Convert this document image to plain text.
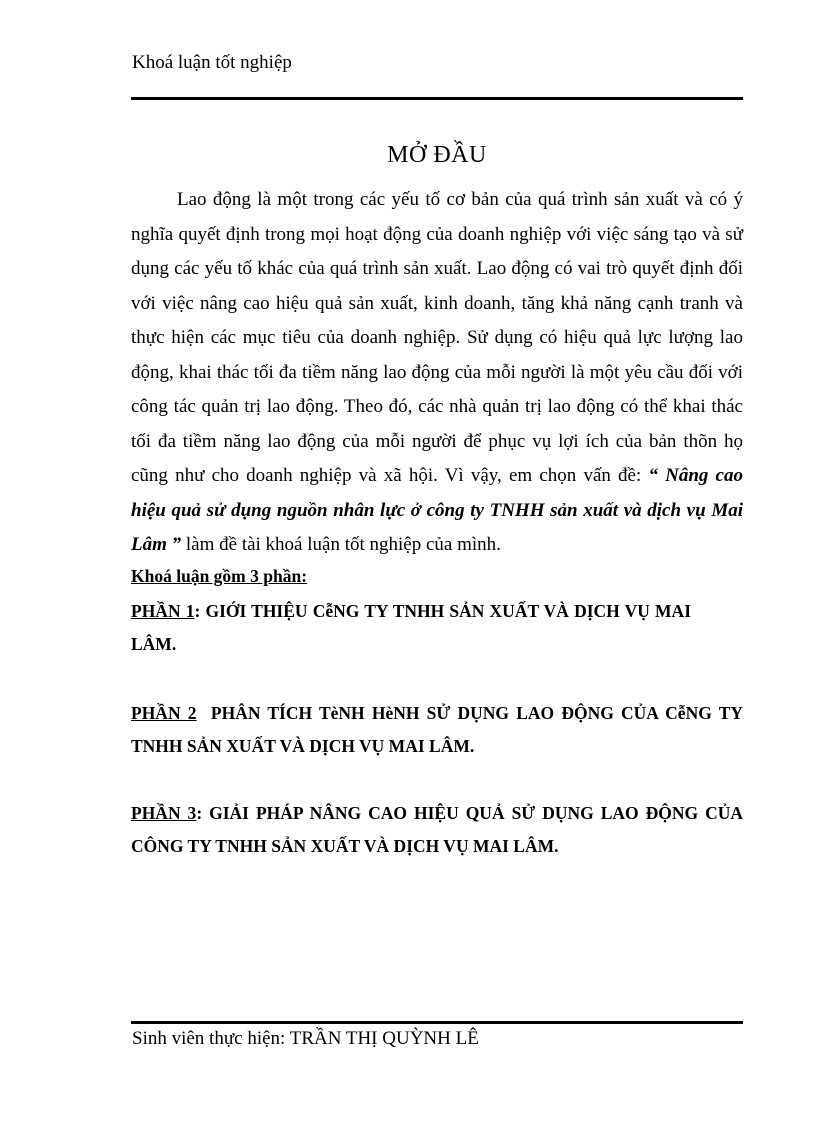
Khoá luận tốt nghiệp
MỞ ĐẦU

Lao động là một trong các yếu tố cơ bản của quá trình sản xuất và có ý nghĩa quyết định trong mọi hoạt động của doanh nghiệp với việc sáng tạo và sử dụng các yếu tố khác của quá trình sản xuất. Lao động có vai trò quyết định đối với việc nâng cao hiệu quả sản xuất, kinh doanh, tăng khả năng cạnh tranh và thực hiện các mục tiêu của doanh nghiệp. Sử dụng có hiệu quả lực lượng lao động, khai thác tối đa tiềm năng lao động của mỗi người là một yêu cầu đối với công tác quản trị lao động. Theo đó, các nhà quản trị lao động có thể khai thác tối đa tiềm năng lao động của mỗi người để phục vụ lợi ích của bản thõn họ cũng như cho doanh nghiệp và xã hội. Vì vậy, em chọn vấn đề: “ Nâng cao hiệu quả sử dụng nguồn nhân lực ở công ty TNHH sản xuất và dịch vụ Mai Lâm ” làm đề tài khoá luận tốt nghiệp của mình.

Khoá luận gồm 3 phần:

PHẦN 1: GIỚI THIỆU CễNG TY TNHH SẢN XUẤT VÀ DỊCH VỤ MAI LÂM.

PHẦN 2  PHÂN TÍCH TèNH HèNH SỬ DỤNG LAO ĐỘNG CỦA CễNG TY TNHH SẢN XUẤT VÀ DỊCH VỤ MAI LÂM.

PHẦN 3: GIẢI PHÁP NÂNG CAO HIỆU QUẢ SỬ DỤNG LAO ĐỘNG CỦA CÔNG TY TNHH SẢN XUẤT VÀ DỊCH VỤ MAI LÂM.

Sinh viên thực hiện: TRẦN THỊ QUỲNH LÊ
